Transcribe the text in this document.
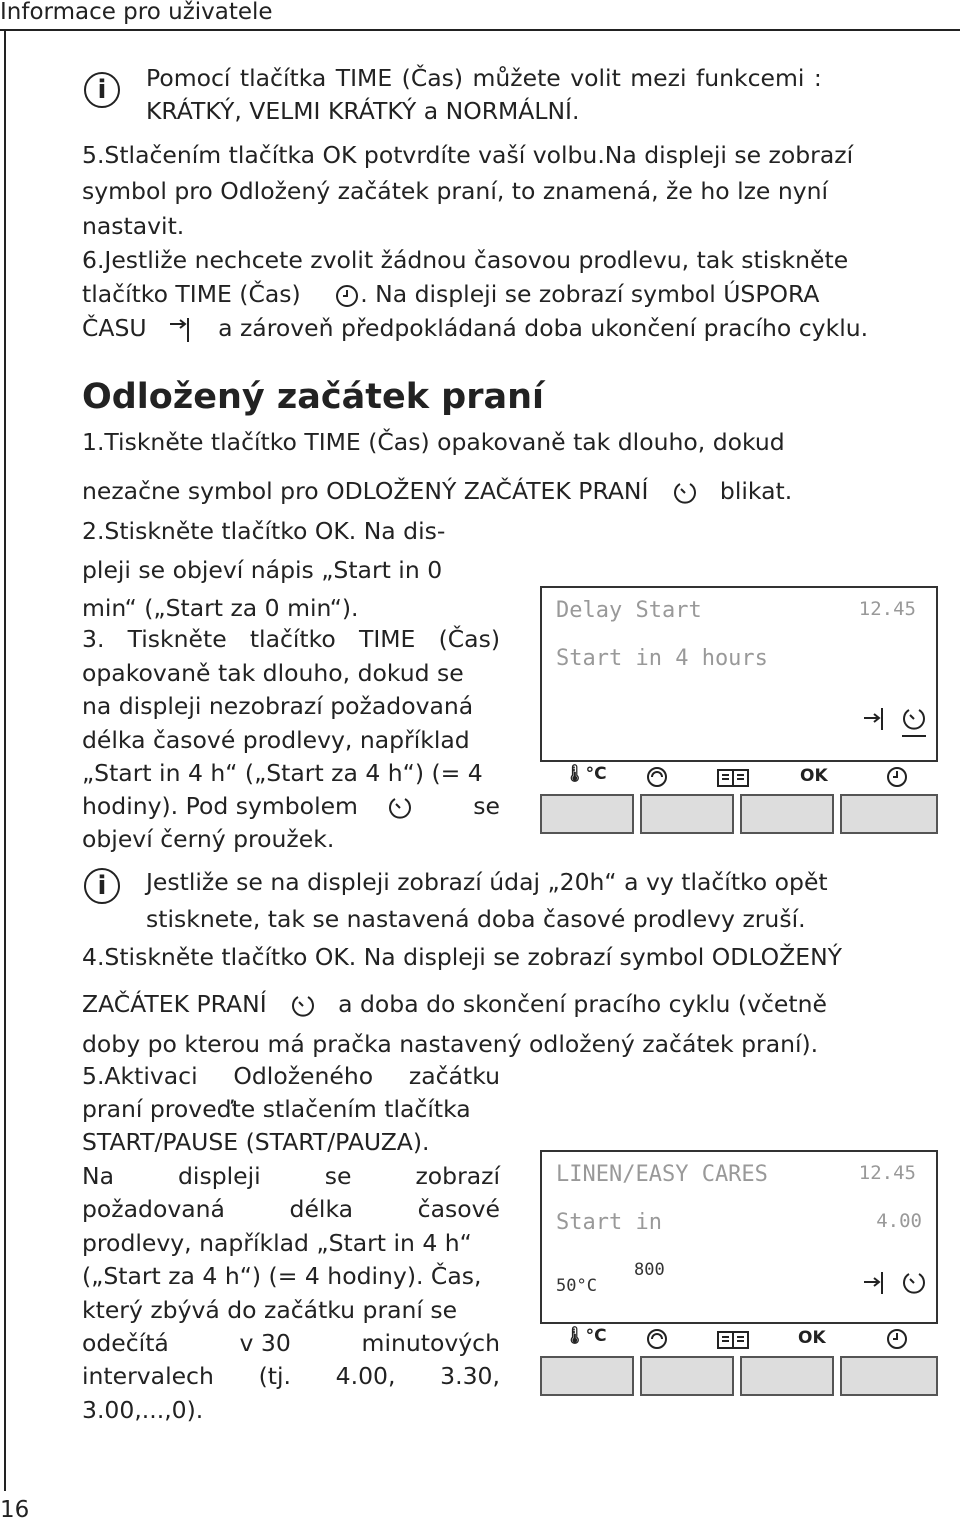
Informace pro uživatele
16
i	Pomocí tlačítka TIME (Čas) můžete volit mezi funkcemi :
KRÁTKÝ, VELMI KRÁTKÝ a NORMÁLNÍ.
5.Stlačením tlačítka OK potvrdíte vaší volbu.Na displeji se zobrazí
symbol pro Odložený začátek praní, to znamená, že ho lze nyní
nastavit.
6.Jestliže nechcete zvolit žádnou časovou prodlevu, tak stiskněte
tlačítko TIME (Čas)	. Na displeji se zobrazí symbol ÚSPORA
ČASU	a zároveň předpokládaná doba ukončení pracího cyklu.
Odložený začátek praní
1.Tiskněte tlačítko TIME (Čas) opakovaně tak dlouho, dokud
nezačne symbol pro ODLOŽENÝ ZAČÁTEK PRANÍ	blikat.
2.Stiskněte tlačítko OK. Na dis-
pleji se objeví nápis „Start in 0
min“ („Start za 0 min“).
3. Tiskněte tlačítko TIME (Čas)
opakovaně tak dlouho, dokud se
na displeji nezobrazí požadovaná
délka časové prodlevy, například
„Start in 4 h“ („Start za 4 h“) (= 4
hodiny). Pod symbolem	se
objeví černý proužek.
Delay Start	12.45
Start in 4 hours
🌡°C	OK
i	Jestliže se na displeji zobrazí údaj „20h“ a vy tlačítko opět
stisknete, tak se nastavená doba časové prodlevy zruší.
4.Stiskněte tlačítko OK. Na displeji se zobrazí symbol ODLOŽENÝ
ZAČÁTEK PRANÍ	a doba do skončení pracího cyklu (včetně
doby po kterou má pračka nastavený odložený začátek praní).
5.Aktivaci Odloženého začátku
praní proveďte stlačením tlačítka
START/PAUSE (START/PAUZA).
Na	displeji	se	zobrazí
požadovaná	délka	časové
prodlevy, například „Start in 4 h“
(„Start za 4 h“) (= 4 hodiny). Čas,
který zbývá do začátku praní se
odečítá	v 30	minutových
intervalech (tj. 4.00, 3.30,
3.00,...,0).
LINEN/EASY CARES	12.45
Start in	4.00
50°C
800
🌡°C	OK
